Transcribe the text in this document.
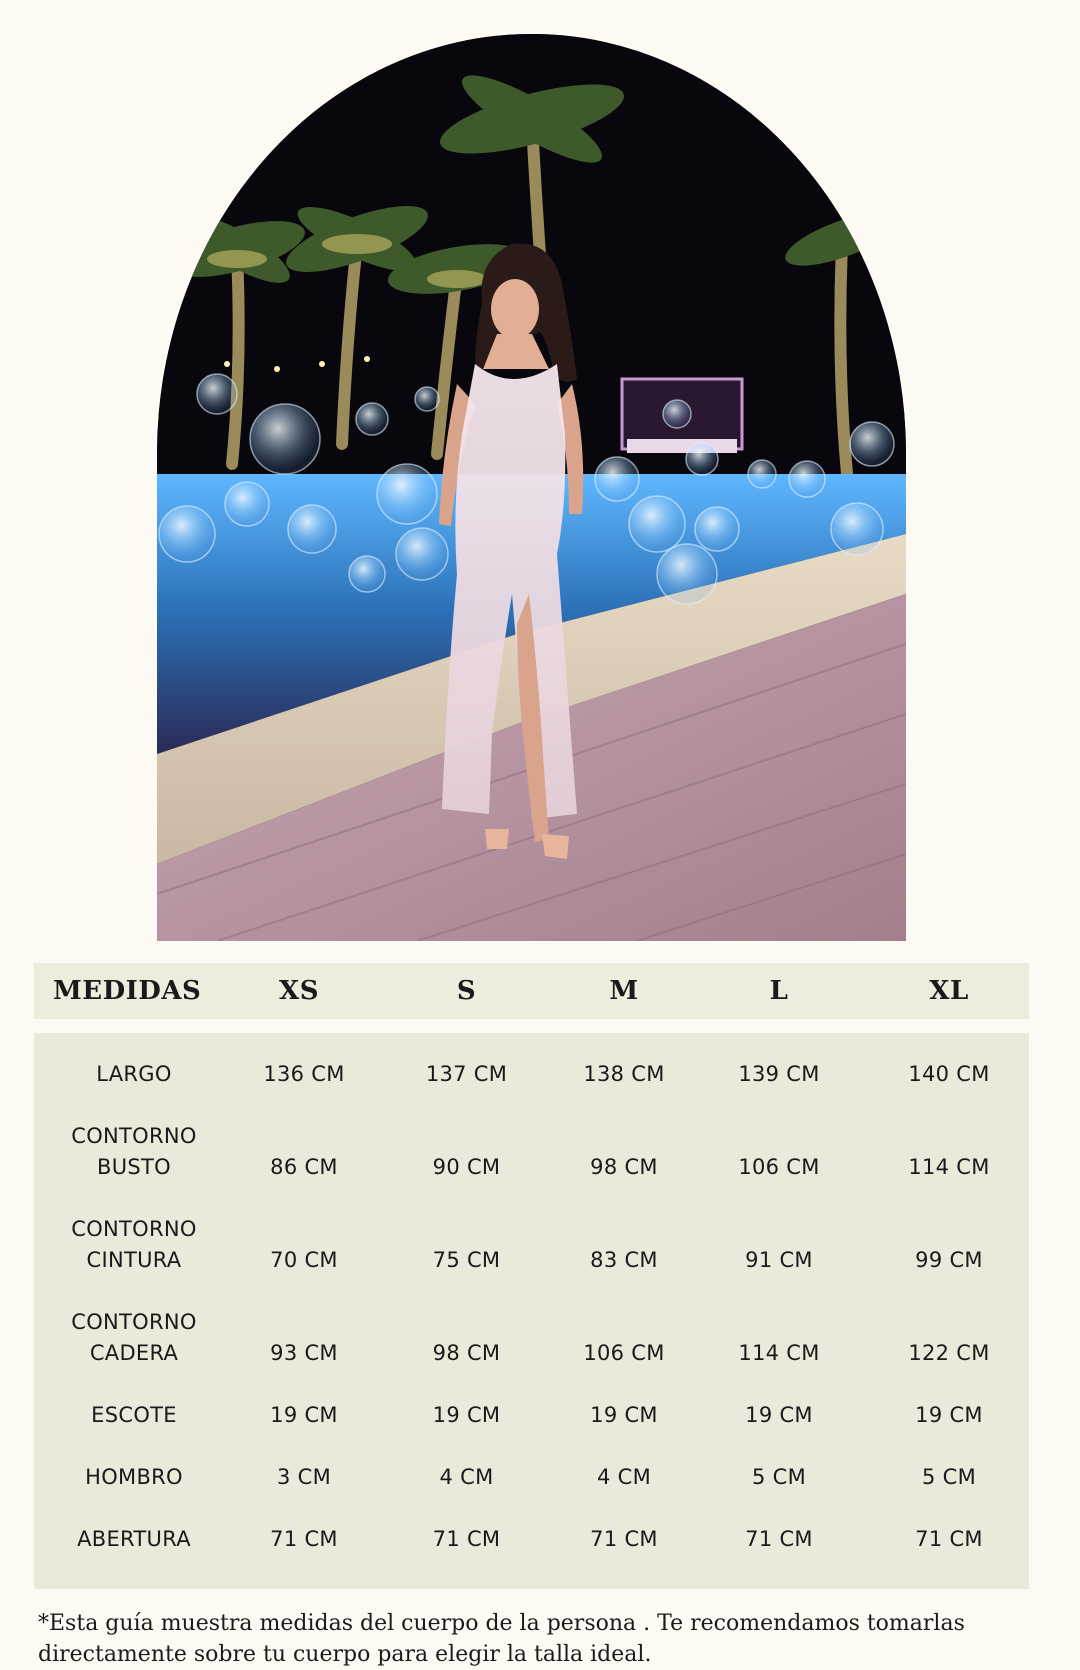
MEDIDAS	XS	S	M	L	XL
LARGO	136 CM	137 CM	138 CM	139 CM	140 CM
CONTORNO
BUSTO	86 CM	90 CM	98 CM	106 CM	114 CM
CONTORNO
CINTURA	70 CM	75 CM	83 CM	91 CM	99 CM
CONTORNO
CADERA	93 CM	98 CM	106 CM	114 CM	122 CM
ESCOTE	19 CM	19 CM	19 CM	19 CM	19 CM
HOMBRO	3 CM	4 CM	4 CM	5 CM	5 CM
ABERTURA	71 CM	71 CM	71 CM	71 CM	71 CM
*Esta guía muestra medidas del cuerpo de la persona . Te recomendamos tomarlas directamente sobre tu cuerpo para elegir la talla ideal.
